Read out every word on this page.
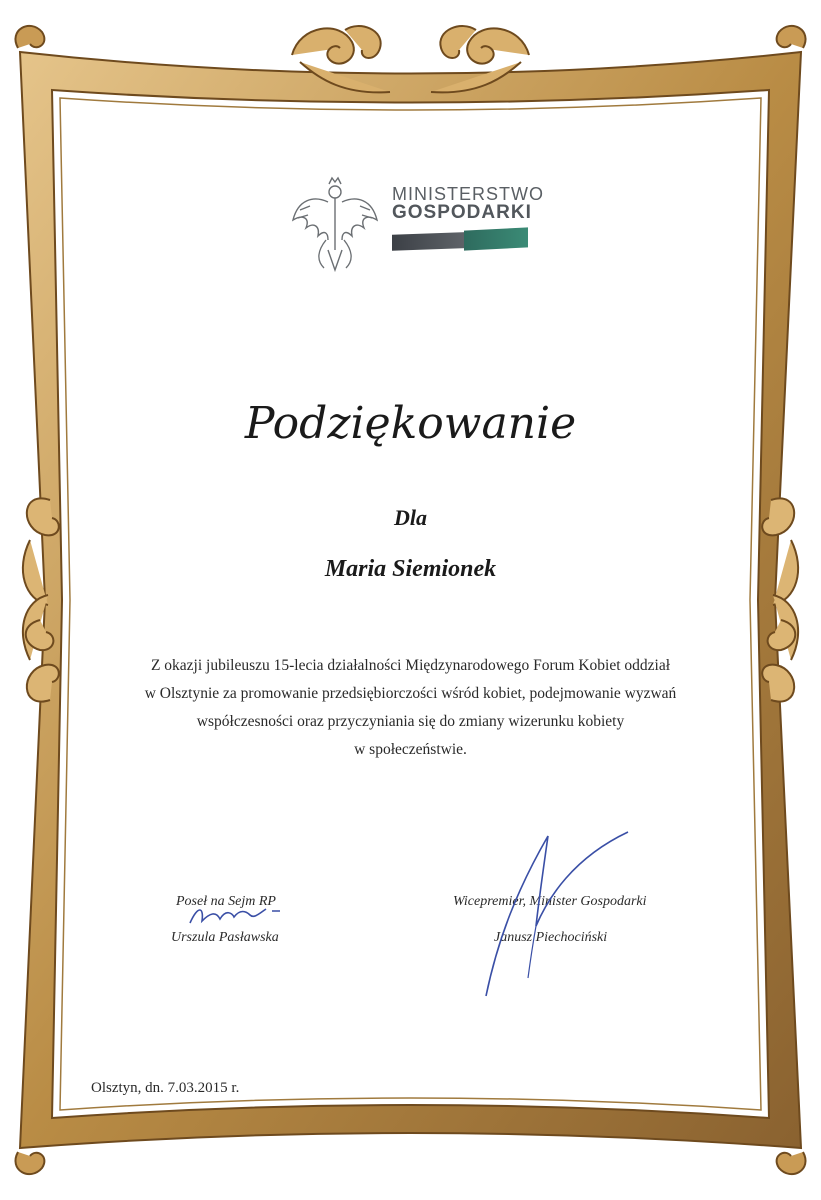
MINISTERSTWO
GOSPODARKI
Podziękowanie
Dla
Maria Siemionek
Z okazji jubileuszu 15-lecia działalności Międzynarodowego Forum Kobiet oddział
w Olsztynie za promowanie przedsiębiorczości wśród kobiet, podejmowanie wyzwań
współczesności oraz przyczyniania się do zmiany wizerunku kobiety
w społeczeństwie.
Poseł na Sejm RP
Urszula Pasławska
Wicepremier, Minister Gospodarki
Janusz Piechociński
Olsztyn, dn. 7.03.2015 r.
